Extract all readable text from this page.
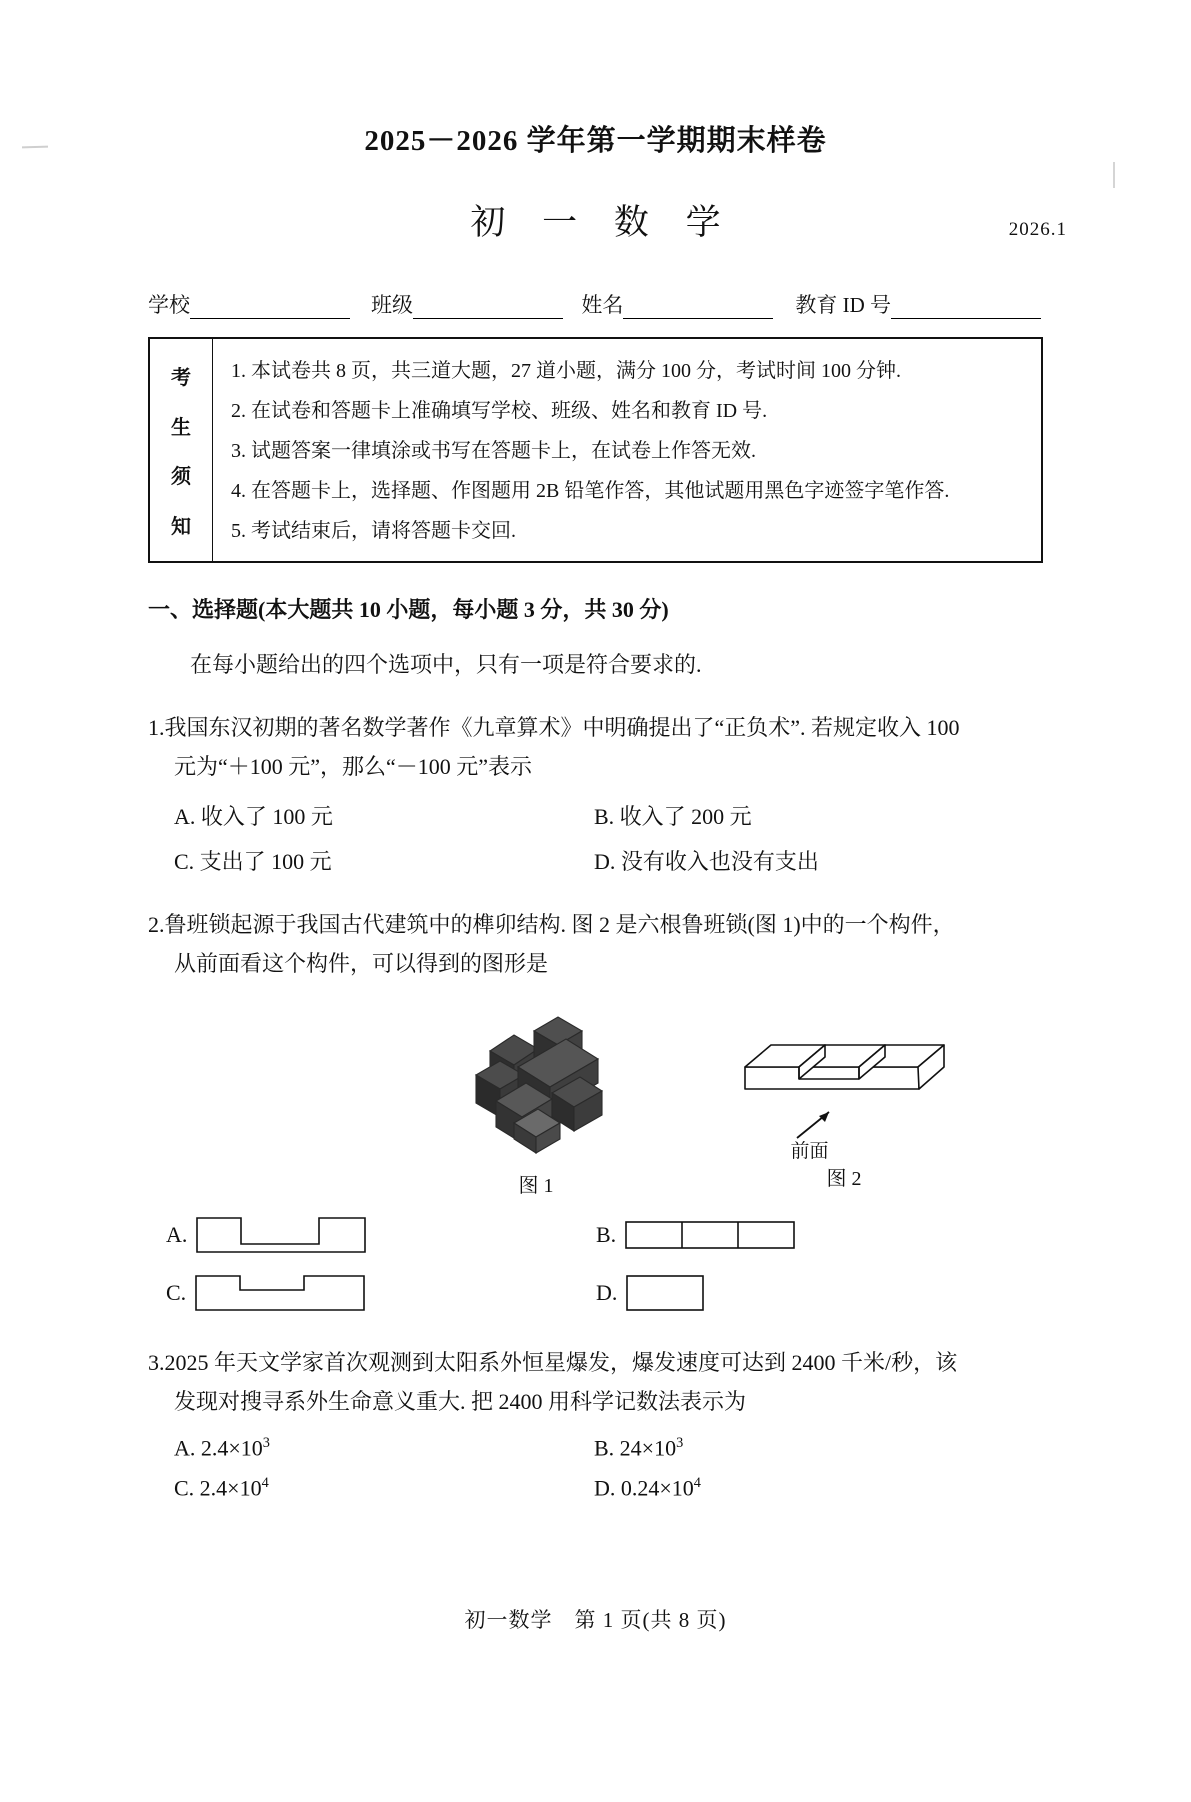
2025－2026 学年第一学期期末样卷
初 一 数 学	2026.1
学校	班级	姓名	教育 ID 号
考
生
须
知
1. 本试卷共 8 页，共三道大题，27 道小题，满分 100 分，考试时间 100 分钟.
2. 在试卷和答题卡上准确填写学校、班级、姓名和教育 ID 号.
3. 试题答案一律填涂或书写在答题卡上，在试卷上作答无效.
4. 在答题卡上，选择题、作图题用 2B 铅笔作答，其他试题用黑色字迹签字笔作答.
5. 考试结束后，请将答题卡交回.
一、选择题(本大题共 10 小题，每小题 3 分，共 30 分)
在每小题给出的四个选项中，只有一项是符合要求的.
1.我国东汉初期的著名数学著作《九章算术》中明确提出了“正负术”. 若规定收入 100
元为“＋100 元”，那么“－100 元”表示
A. 收入了 100 元	B. 收入了 200 元
C. 支出了 100 元	D. 没有收入也没有支出
2.鲁班锁起源于我国古代建筑中的榫卯结构. 图 2 是六根鲁班锁(图 1)中的一个构件，
从前面看这个构件，可以得到的图形是
图 1
前面
图 2
A.	B.
C.	D.
3.2025 年天文学家首次观测到太阳系外恒星爆发，爆发速度可达到 2400 千米/秒，该
发现对搜寻系外生命意义重大. 把 2400 用科学记数法表示为
A. $2.4\times 10^3$	B. $24\times 10^3$
C. $2.4\times 10^4$	D. $0.24\times 10^4$
初一数学　第 1 页(共 8 页)
